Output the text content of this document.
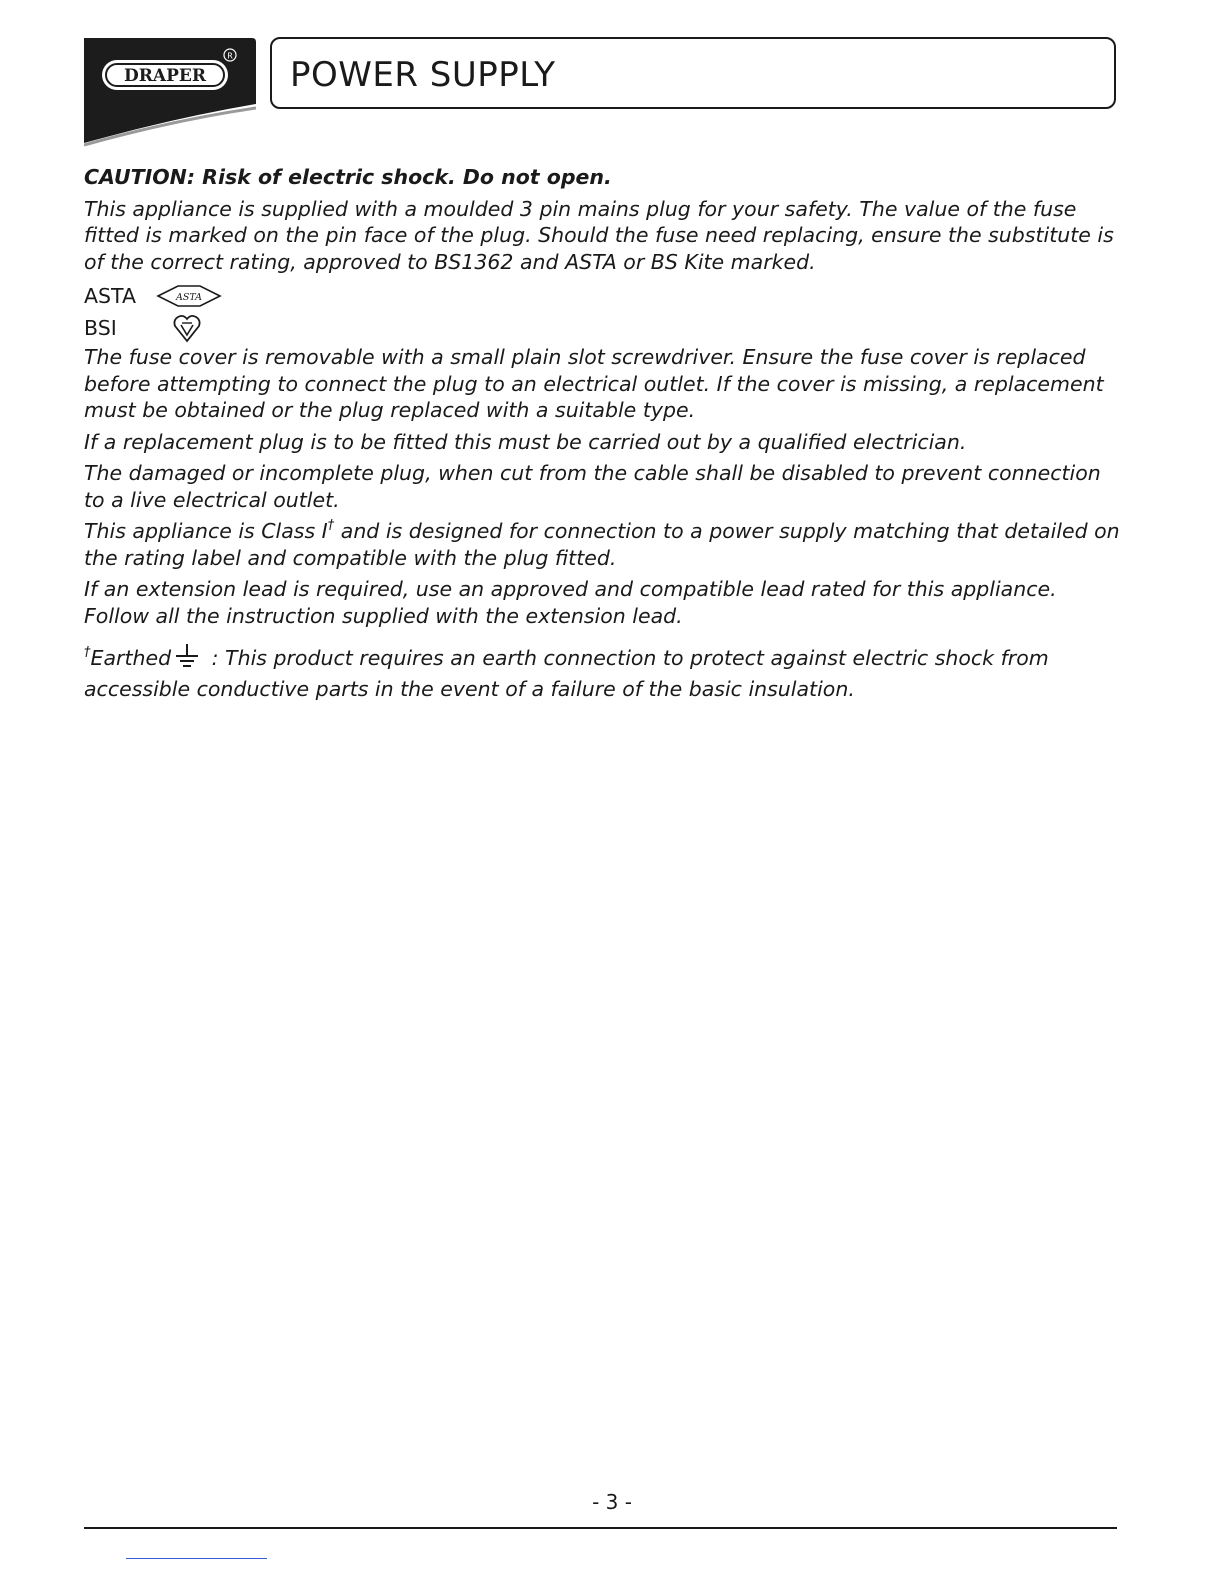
DRAPER
R POWER SUPPLY

CAUTION: Risk of electric shock. Do not open.

This appliance is supplied with a moulded 3 pin mains plug for your safety. The value of the fuse fitted is marked on the pin face of the plug. Should the fuse need replacing, ensure the substitute is of the correct rating, approved to BS1362 and ASTA or BS Kite marked.

ASTA	ASTA
BSI

The fuse cover is removable with a small plain slot screwdriver. Ensure the fuse cover is replaced before attempting to connect the plug to an electrical outlet. If the cover is missing, a replacement must be obtained or the plug replaced with a suitable type.

If a replacement plug is to be fitted this must be carried out by a qualified electrician.

The damaged or incomplete plug, when cut from the cable shall be disabled to prevent connection to a live electrical outlet.

This appliance is Class I† and is designed for connection to a power supply matching that detailed on the rating label and compatible with the plug fitted.

If an extension lead is required, use an approved and compatible lead rated for this appliance. Follow all the instruction supplied with the extension lead.

†Earthed : This product requires an earth connection to protect against electric shock from accessible conductive parts in the event of a failure of the basic insulation.

- 3 -
